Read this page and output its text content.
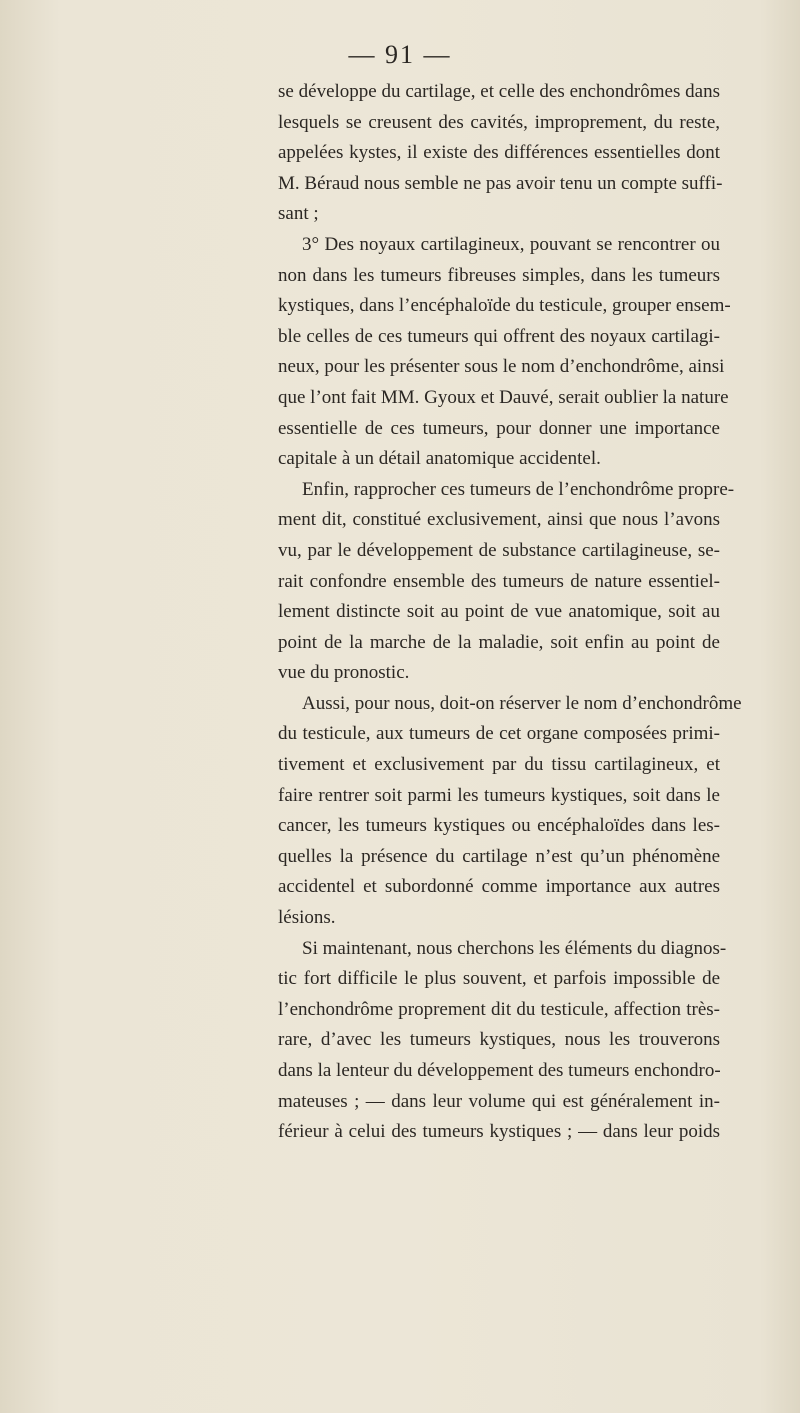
— 91 —
se développe du cartilage, et celle des enchondrômes dans
lesquels se creusent des cavités, improprement, du reste,
appelées kystes, il existe des différences essentielles dont
M. Béraud nous semble ne pas avoir tenu un compte suffi-
sant ;
3° Des noyaux cartilagineux, pouvant se rencontrer ou
non dans les tumeurs fibreuses simples, dans les tumeurs
kystiques, dans l’encéphaloïde du testicule, grouper ensem-
ble celles de ces tumeurs qui offrent des noyaux cartilagi-
neux, pour les présenter sous le nom d’enchondrôme, ainsi
que l’ont fait MM. Gyoux et Dauvé, serait oublier la nature
essentielle de ces tumeurs, pour donner une importance
capitale à un détail anatomique accidentel.
Enfin, rapprocher ces tumeurs de l’enchondrôme propre-
ment dit, constitué exclusivement, ainsi que nous l’avons
vu, par le développement de substance cartilagineuse, se-
rait confondre ensemble des tumeurs de nature essentiel-
lement distincte soit au point de vue anatomique, soit au
point de la marche de la maladie, soit enfin au point de
vue du pronostic.
Aussi, pour nous, doit-on réserver le nom d’enchondrôme
du testicule, aux tumeurs de cet organe composées primi-
tivement et exclusivement par du tissu cartilagineux, et
faire rentrer soit parmi les tumeurs kystiques, soit dans le
cancer, les tumeurs kystiques ou encéphaloïdes dans les-
quelles la présence du cartilage n’est qu’un phénomène
accidentel et subordonné comme importance aux autres
lésions.
Si maintenant, nous cherchons les éléments du diagnos-
tic fort difficile le plus souvent, et parfois impossible de
l’enchondrôme proprement dit du testicule, affection très-
rare, d’avec les tumeurs kystiques, nous les trouverons
dans la lenteur du développement des tumeurs enchondro-
mateuses ; — dans leur volume qui est généralement in-
férieur à celui des tumeurs kystiques ; — dans leur poids
